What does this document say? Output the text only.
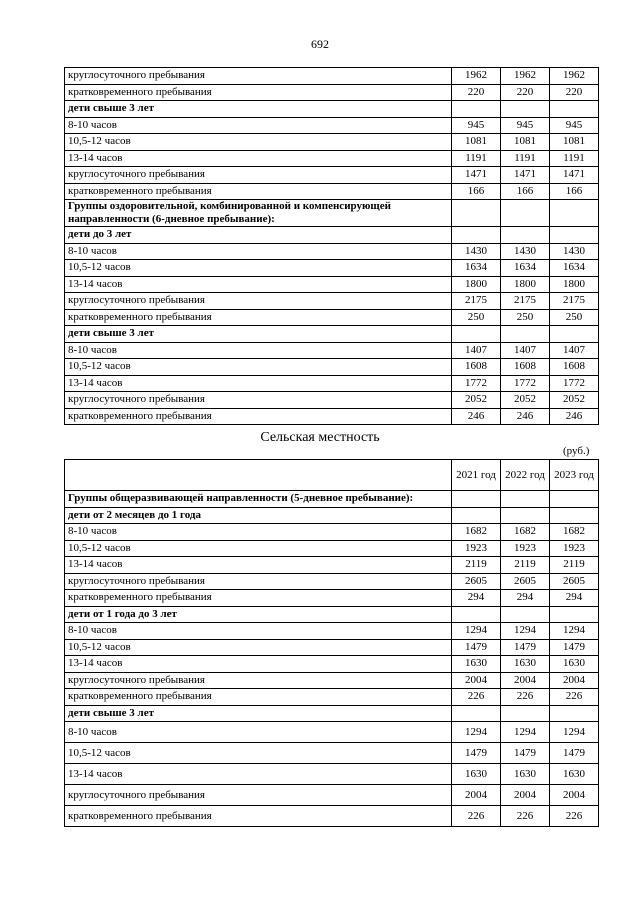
692
круглосуточного пребывания	1962	1962	1962
кратковременного пребывания	220	220	220
дети свыше 3 лет			
8-10 часов	945	945	945
10,5-12 часов	1081	1081	1081
13-14 часов	1191	1191	1191
круглосуточного пребывания	1471	1471	1471
кратковременного пребывания	166	166	166
Группы оздоровительной, комбинированной и компенсирующей направленности (6-дневное пребывание):			
дети до 3 лет			
8-10 часов	1430	1430	1430
10,5-12 часов	1634	1634	1634
13-14 часов	1800	1800	1800
круглосуточного пребывания	2175	2175	2175
кратковременного пребывания	250	250	250
дети свыше 3 лет			
8-10 часов	1407	1407	1407
10,5-12 часов	1608	1608	1608
13-14 часов	1772	1772	1772
круглосуточного пребывания	2052	2052	2052
кратковременного пребывания	246	246	246
Сельская местность
(руб.)
	2021 год	2022 год	2023 год
Группы общеразвивающей направленности (5-дневное пребывание):			
дети от 2 месяцев до 1 года			
8-10 часов	1682	1682	1682
10,5-12 часов	1923	1923	1923
13-14 часов	2119	2119	2119
круглосуточного пребывания	2605	2605	2605
кратковременного пребывания	294	294	294
дети от 1 года до 3 лет			
8-10 часов	1294	1294	1294
10,5-12 часов	1479	1479	1479
13-14 часов	1630	1630	1630
круглосуточного пребывания	2004	2004	2004
кратковременного пребывания	226	226	226
дети свыше 3 лет			
8-10 часов	1294	1294	1294
10,5-12 часов	1479	1479	1479
13-14 часов	1630	1630	1630
круглосуточного пребывания	2004	2004	2004
кратковременного пребывания	226	226	226
